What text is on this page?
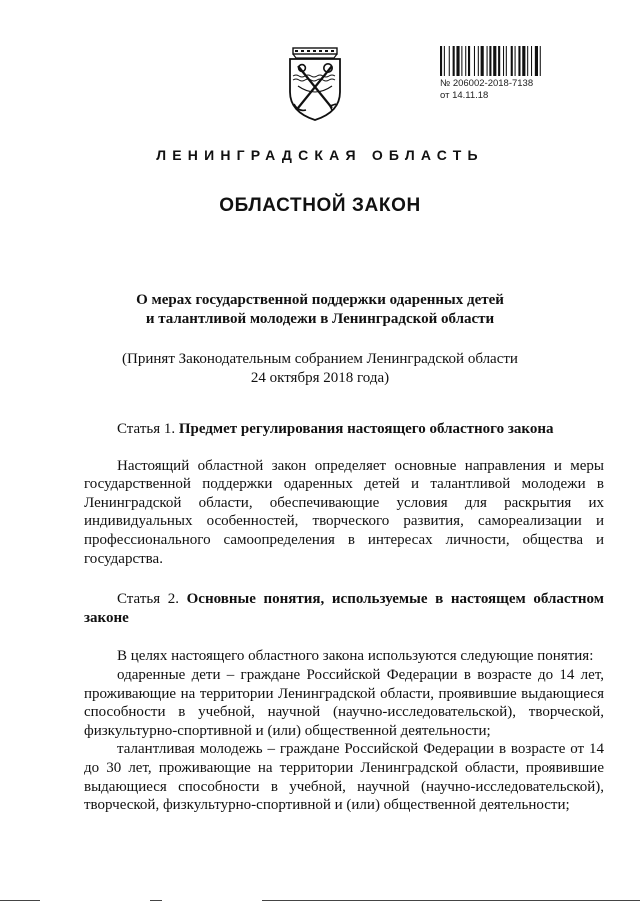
№ 206002-2018-7138
от 14.11.18
ЛЕНИНГРАДСКАЯ ОБЛАСТЬ
ОБЛАСТНОЙ ЗАКОН
О мерах государственной поддержки одаренных детей
и талантливой молодежи в Ленинградской области
(Принят Законодательным собранием Ленинградской области
24 октября 2018 года)

Статья 1. Предмет регулирования настоящего областного закона

Настоящий областной закон определяет основные направления и меры государственной поддержки одаренных детей и талантливой молодежи в Ленинградской области, обеспечивающие условия для раскрытия их индивидуальных особенностей, творческого развития, самореализации и профессионального самоопределения в интересах личности, общества и государства.

Статья 2. Основные понятия, используемые в настоящем областном законе

В целях настоящего областного закона используются следующие понятия:

одаренные дети – граждане Российской Федерации в возрасте до 14 лет, проживающие на территории Ленинградской области, проявившие выдающиеся способности в учебной, научной (научно-исследовательской), творческой, физкультурно-спортивной и (или) общественной деятельности;

талантливая молодежь – граждане Российской Федерации в возрасте от 14 до 30 лет, проживающие на территории Ленинградской области, проявившие выдающиеся способности в учебной, научной (научно-исследовательской), творческой, физкультурно-спортивной и (или) общественной деятельности;
